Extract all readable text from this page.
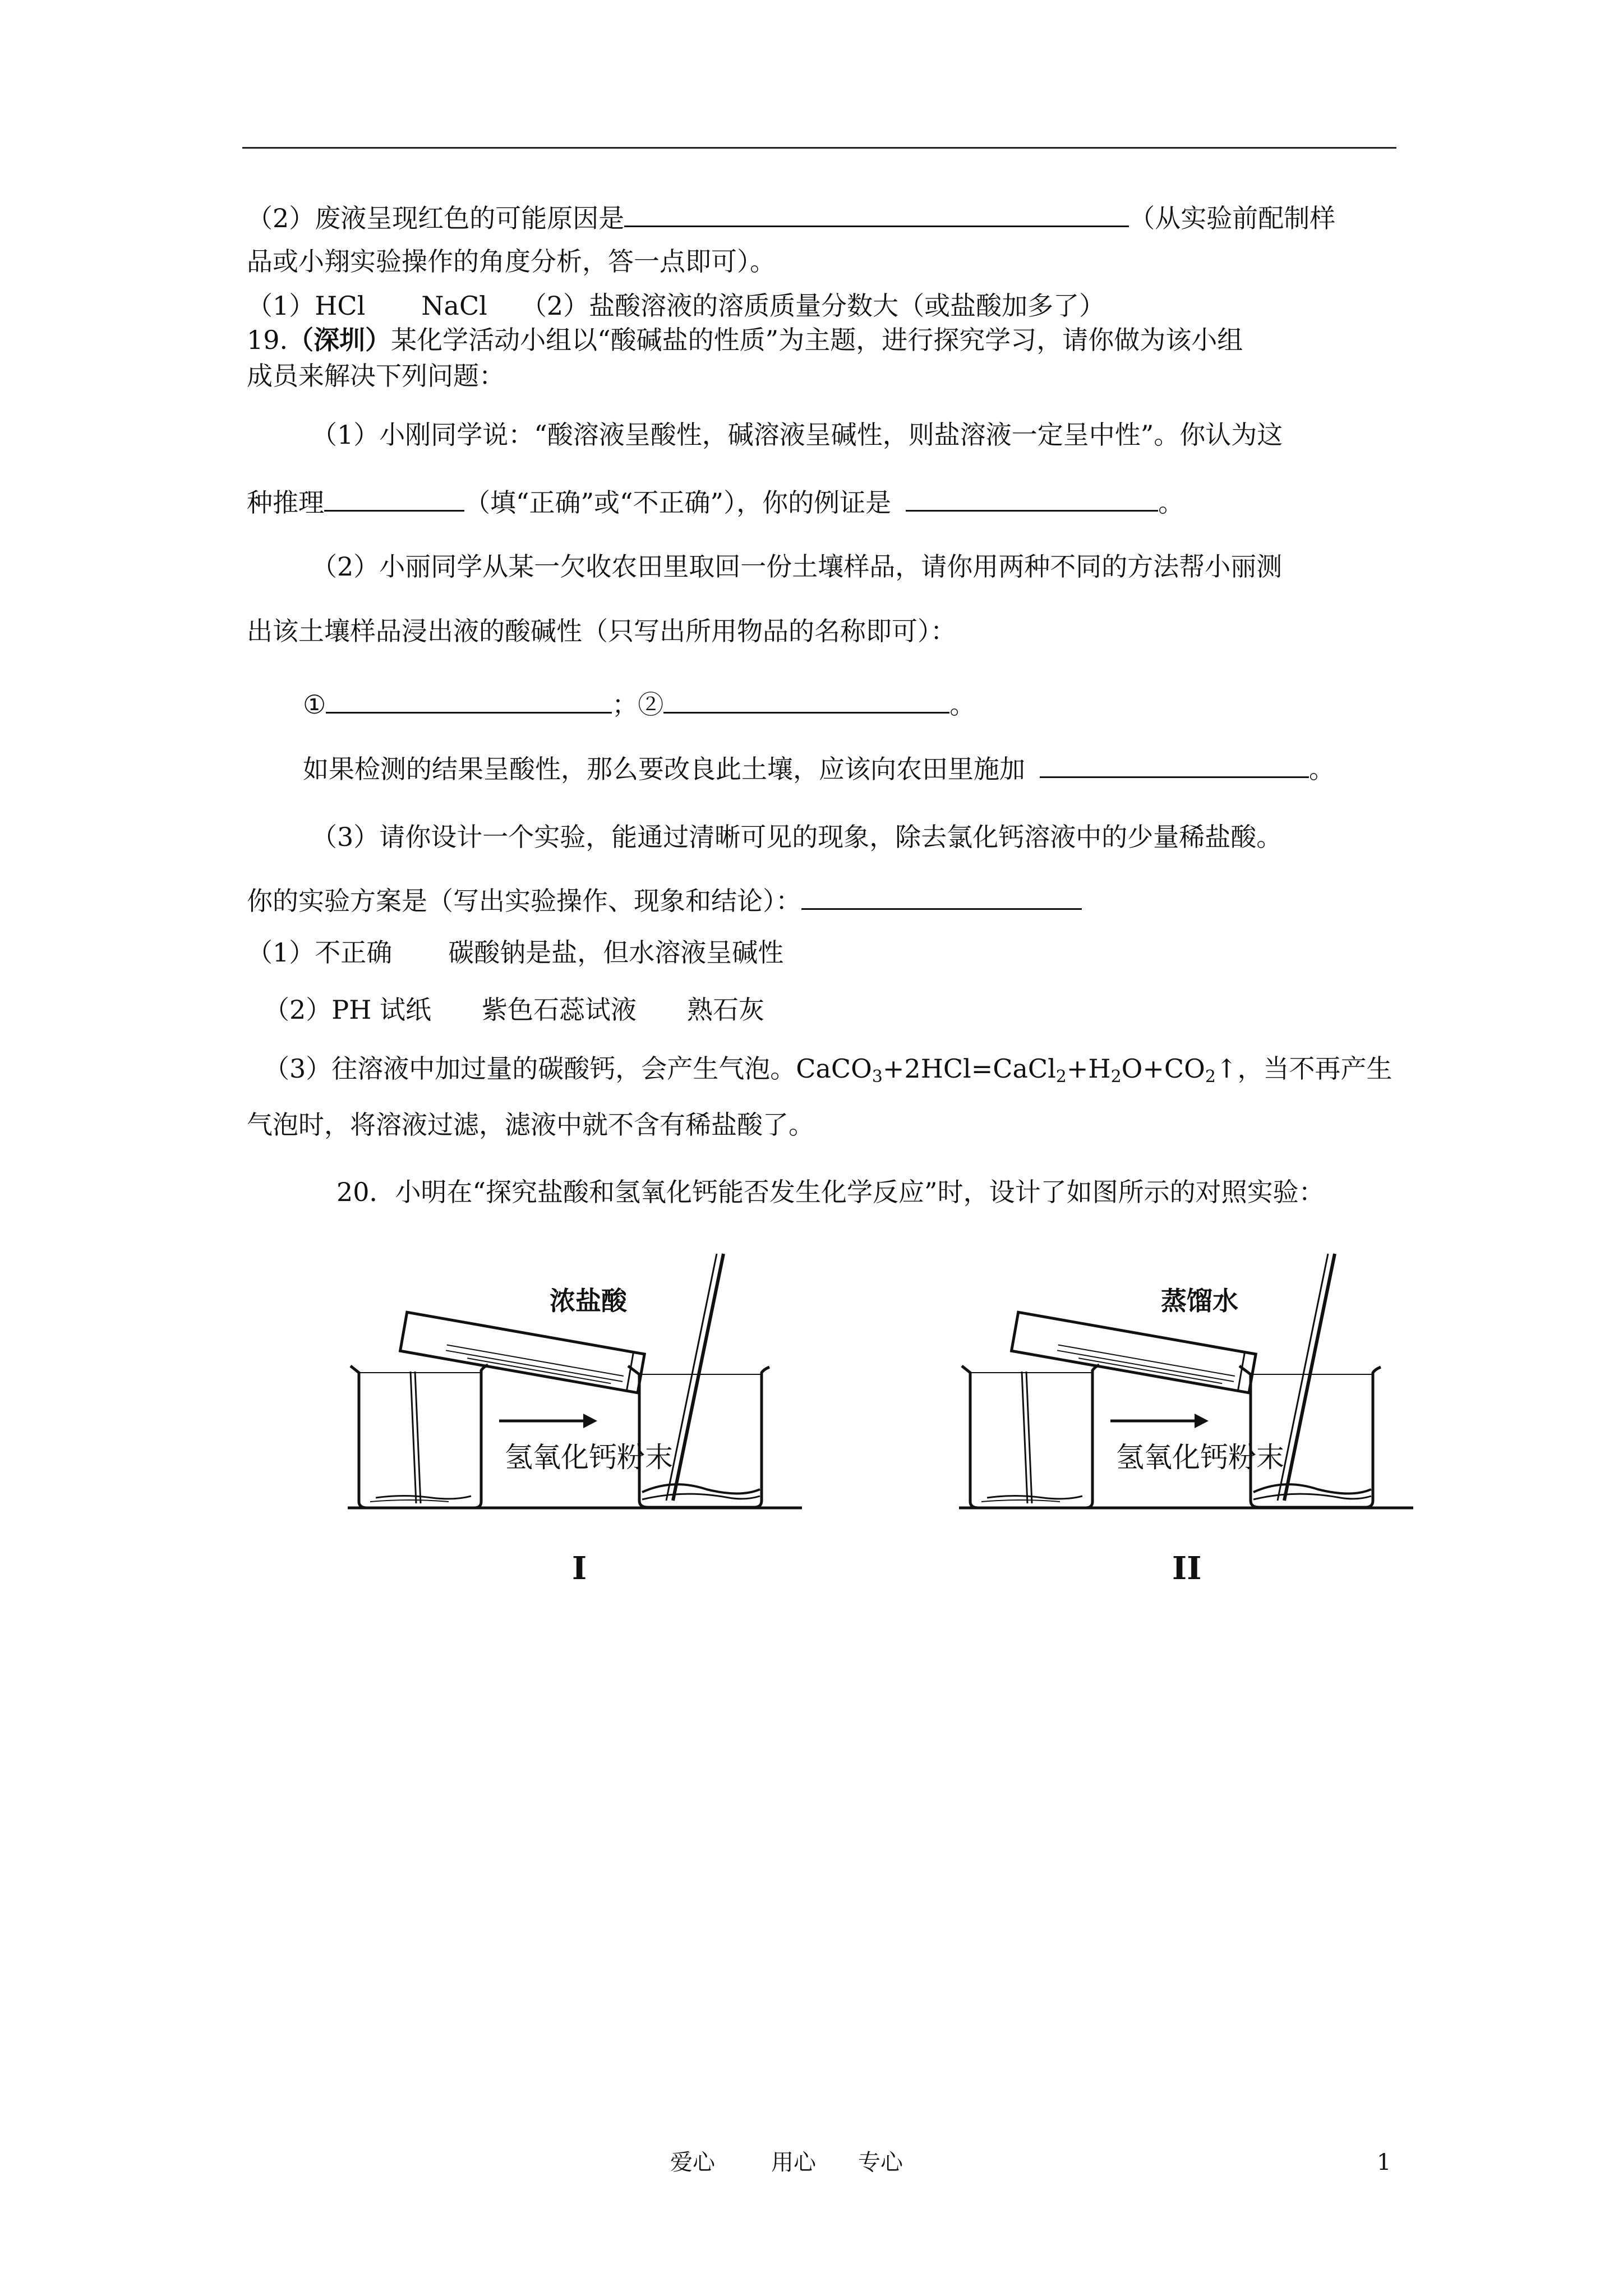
（2）废液呈现红色的可能原因是	（从实验前配制样
品或小翔实验操作的角度分析，答一点即可）。
（1）HCl NaCl （2）盐酸溶液的溶质质量分数大（或盐酸加多了）
19.（深圳）某化学活动小组以“酸碱盐的性质”为主题，进行探究学习，请你做为该小组
成员来解决下列问题：
（1）小刚同学说：“酸溶液呈酸性，碱溶液呈碱性，则盐溶液一定呈中性”。你认为这
种推理	（填“正确”或“不正确”），你的例证是	。
（2）小丽同学从某一欠收农田里取回一份土壤样品，请你用两种不同的方法帮小丽测
出该土壤样品浸出液的酸碱性（只写出所用物品的名称即可）：
①	；②	。
如果检测的结果呈酸性，那么要改良此土壤，应该向农田里施加	。
（3）请你设计一个实验，能通过清晰可见的现象，除去氯化钙溶液中的少量稀盐酸。
你的实验方案是（写出实验操作、现象和结论）：
（1）不正确 碳酸钠是盐，但水溶液呈碱性
（2）PH 试纸 紫色石蕊试液 熟石灰
（3）往溶液中加过量的碳酸钙，会产生气泡。$CaCO_3+2HCl=CaCl_2+H_2O+CO_2↑$，当不再产生
气泡时，将溶液过滤，滤液中就不含有稀盐酸了。
20．小明在“探究盐酸和氢氧化钙能否发生化学反应”时，设计了如图所示的对照实验：
浓盐酸	蒸馏水
氢氧化钙粉末	氢氧化钙粉末
I	II
爱心	用心 专心	1
